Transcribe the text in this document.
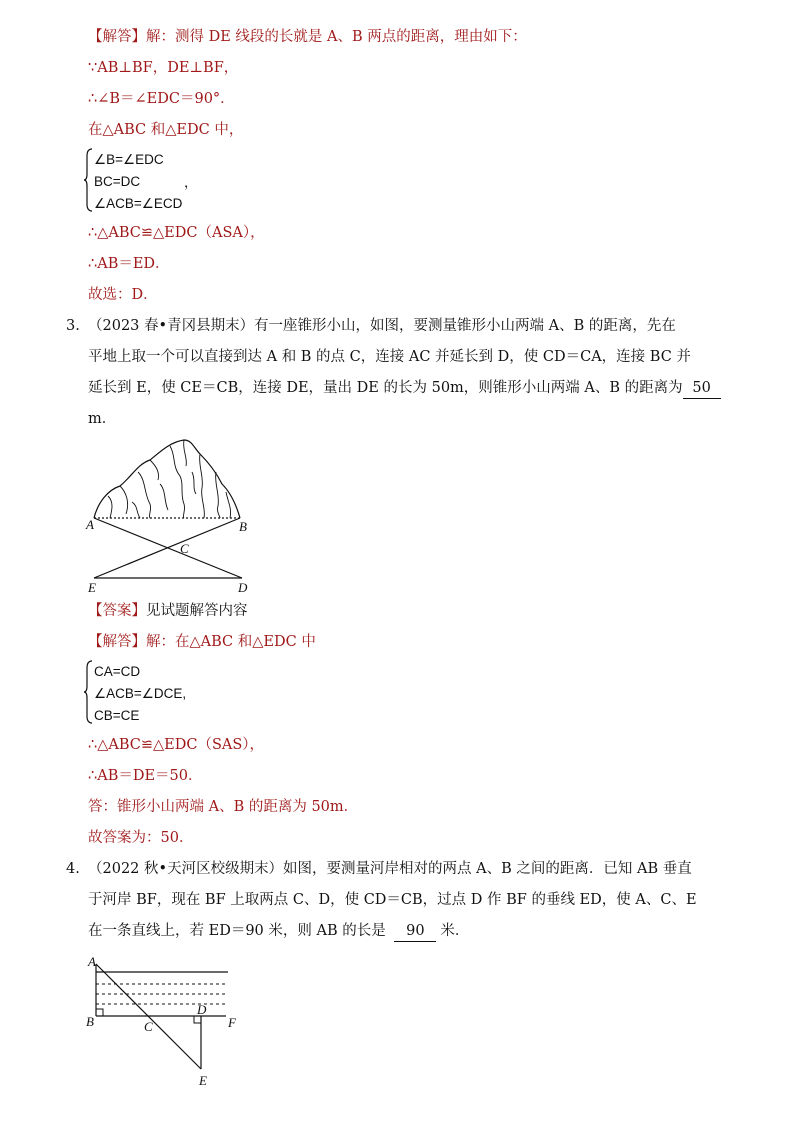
【解答】解：测得 DE 线段的长就是 A、B 两点的距离，理由如下：
∵AB⊥BF，DE⊥BF，
∴∠B＝∠EDC＝90°．
在△ABC 和△EDC 中，
∠B=∠EDC
BC=DC	，
∠ACB=∠ECD
∴△ABC≌△EDC（ASA），
∴AB＝ED．
故选：D．
3. （2023 春•青冈县期末）有一座锥形小山，如图，要测量锥形小山两端 A、B 的距离，先在
平地上取一个可以直接到达 A 和 B 的点 C，连接 AC 并延长到 D，使 CD＝CA，连接 BC 并
延长到 E，使 CE＝CB，连接 DE，量出 DE 的长为 50m，则锥形小山两端 A、B 的距离为 50
m．
A	B
C
E	D
【答案】见试题解答内容
【解答】解：在△ABC 和△EDC 中
CA=CD
∠ACB=∠DCE,
CB=CE
∴△ABC≌△EDC（SAS），
∴AB＝DE＝50．
答：锥形小山两端 A、B 的距离为 50m．
故答案为：50．
4. （2022 秋•天河区校级期末）如图，要测量河岸相对的两点 A、B 之间的距离．已知 AB 垂直
于河岸 BF，现在 BF 上取两点 C、D，使 CD＝CB，过点 D 作 BF 的垂线 ED，使 A、C、E
在一条直线上，若 ED＝90 米，则 AB 的长是 90 米．
A
B	C
D
F
E
